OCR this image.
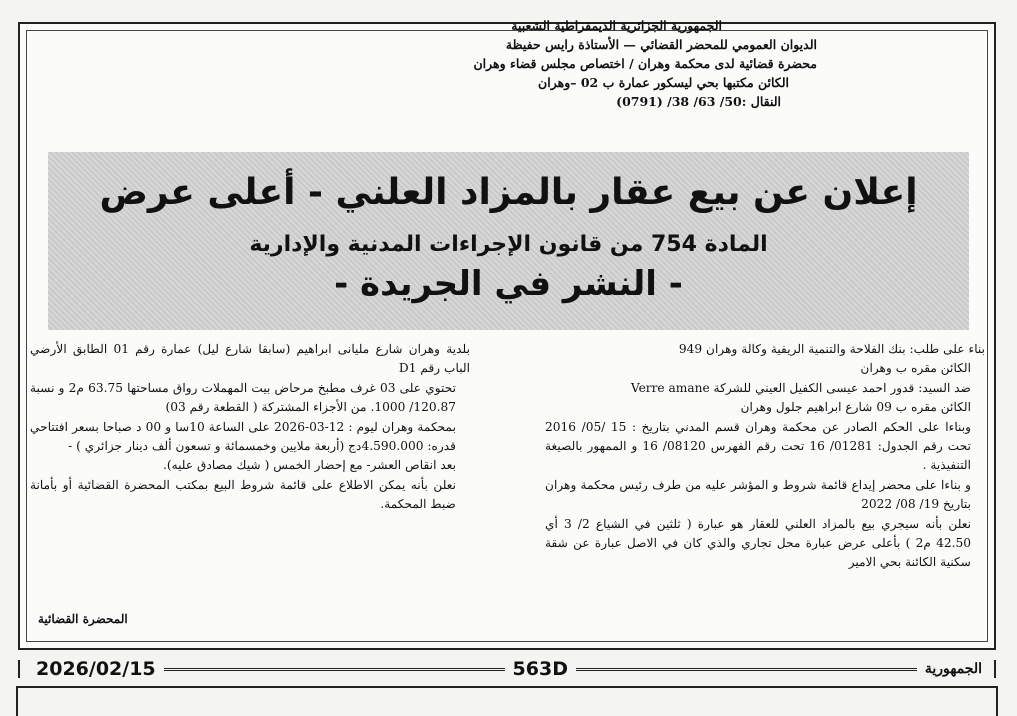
الجمهورية الجزائرية الديمقراطية الشعبية
الديوان العمومي للمحضر القضائي — الأستاذة رايس حفيظة
محضرة قضائية لدى محكمة وهران / اختصاص مجلس قضاء وهران
الكائن مكتبها بحي ليسكور عمارة ب 02 –وهران
النقال :50/ 63/ 38/ (0791)
إعلان عن بيع عقار بالمزاد العلني - أعلى عرض
المادة 754 من قانون الإجراءات المدنية والإدارية
- النشر في الجريدة -

بناء على طلب: بنك الفلاحة والتنمية الريفية وكالة وهران 949

الكائن مقره ب وهران

ضد السيد: قدور احمد عيسى الكفيل العيني للشركة Verre amane

الكائن مقره ب 09 شارع ابراهيم جلول وهران

وبناءا على الحكم الصادر عن محكمة وهران قسم المدني بتاريخ : 15 /05/ 2016 تحت رقم الجدول: 01281/ 16 تحت رقم الفهرس 08120/ 16 و الممهور بالصيغة التنفيذية .

و بناءا على محضر إيداع قائمة شروط و المؤشر عليه من طرف رئيس محكمة وهران بتاريخ 19/ 08/ 2022

نعلن بأنه سيجري بيع بالمزاد العلني للعقار هو عبارة ( ثلثين في الشياع 2/ 3 أي 42.50 م2 ) بأعلى عرض عبارة محل تجاري والذي كان في الاصل عبارة عن شقة سكنية الكائنة بحي الامير

بلدية وهران شارع مليانى ابراهيم (سابقا شارع ليل) عمارة رقم 01 الطابق الأرضي الباب رقم D1

تحتوي على 03 غرف مطبخ مرحاض بيت المهملات رواق مساحتها 63.75 م2 و نسبة 120.87/ 1000. من الأجزاء المشتركة ( القطعة رقم 03)

بمحكمة وهران ليوم : 12-03-2026 على الساعة 10سا و 00 د صباحا بسعر افتتاحي قدره: 4.590.000دج (أربعة ملايين وخمسمائة و تسعون ألف دينار جزائري ) -

بعد انقاص العشر- مع إحضار الخمس ( شيك مصادق عليه).

نعلن بأنه يمكن الاطلاع على قائمة شروط البيع بمكتب المحضرة القضائية أو بأمانة ضبط المحكمة.

المحضرة القضائية
2026/02/15	563D	الجمهورية
